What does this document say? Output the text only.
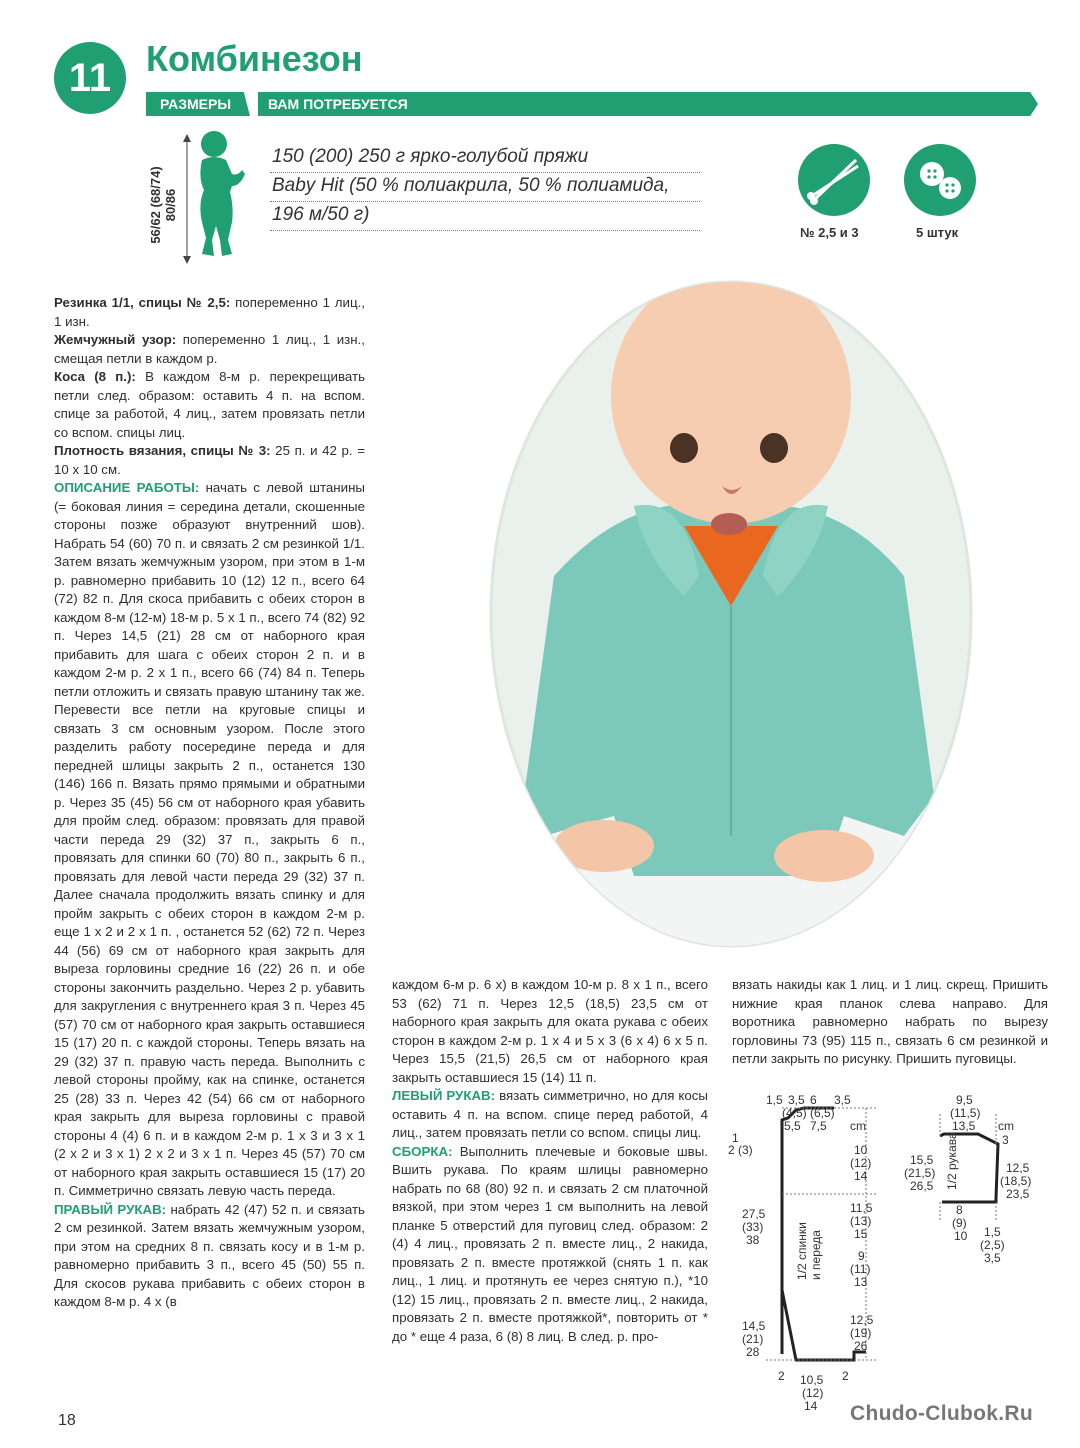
11 Комбинезон
РАЗМЕРЫ	ВАМ ПОТРЕБУЕТСЯ
56/62 (68/74) 80/86
150 (200) 250 г ярко-голубой пряжи
Baby Hit (50 % полиакрила, 50 % полиамида,
196 м/50 г)
№ 2,5 и 3	5 штук

Резинка 1/1, спицы № 2,5: попеременно 1 лиц., 1 изн.

Жемчужный узор: попеременно 1 лиц., 1 изн., смещая петли в каждом р.

Коса (8 п.): В каждом 8-м р. перекрещивать петли след. образом: оставить 4 п. на вспом. спице за работой, 4 лиц., затем провязать петли со вспом. спицы лиц.

Плотность вязания, спицы № 3: 25 п. и 42 р. = 10 х 10 см.

ОПИСАНИЕ РАБОТЫ: начать с левой штанины (= боковая линия = середина детали, скошенные стороны позже образуют внутренний шов). Набрать 54 (60) 70 п. и связать 2 см резинкой 1/1. Затем вязать жемчужным узором, при этом в 1-м р. равномерно прибавить 10 (12) 12 п., всего 64 (72) 82 п. Для скоса прибавить с обеих сторон в каждом 8-м (12-м) 18-м р. 5 х 1 п., всего 74 (82) 92 п. Через 14,5 (21) 28 см от наборного края прибавить для шага с обеих сторон 2 п. и в каждом 2-м р. 2 х 1 п., всего 66 (74) 84 п. Теперь петли отложить и связать правую штанину так же. Перевести все петли на круговые спицы и связать 3 см основным узором. После этого разделить работу посередине переда и для передней шлицы закрыть 2 п., останется 130 (146) 166 п. Вязать прямо прямыми и обратными р. Через 35 (45) 56 см от наборного края убавить для пройм след. образом: провязать для правой части переда 29 (32) 37 п., закрыть 6 п., провязать для спинки 60 (70) 80 п., закрыть 6 п., провязать для левой части переда 29 (32) 37 п. Далее сначала продолжить вязать спинку и для пройм закрыть с обеих сторон в каждом 2-м р. еще 1 х 2 и 2 х 1 п. , останется 52 (62) 72 п. Через 44 (56) 69 см от наборного края закрыть для выреза горловины средние 16 (22) 26 п. и обе стороны закончить раздельно. Через 2 р. убавить для закругления с внутреннего края 3 п. Через 45 (57) 70 см от наборного края закрыть оставшиеся 15 (17) 20 п. с каждой стороны. Теперь вязать на 29 (32) 37 п. правую часть переда. Выполнить с левой стороны пройму, как на спинке, останется 25 (28) 33 п. Через 42 (54) 66 см от наборного края закрыть для выреза горловины с правой стороны 4 (4) 6 п. и в каждом 2-м р. 1 х 3 и 3 х 1 (2 х 2 и 3 х 1) 2 х 2 и 3 х 1 п. Через 45 (57) 70 см от наборного края закрыть оставшиеся 15 (17) 20 п. Симметрично связать левую часть переда.

ПРАВЫЙ РУКАВ: набрать 42 (47) 52 п. и связать 2 см резинкой. Затем вязать жемчужным узором, при этом на средних 8 п. связать косу и в 1-м р. равномерно прибавить 3 п., всего 45 (50) 55 п. Для скосов рукава прибавить с обеих сторон в каждом 8-м р. 4 х (в

каждом 6-м р. 6 х) в каждом 10-м р. 8 х 1 п., всего 53 (62) 71 п. Через 12,5 (18,5) 23,5 см от наборного края закрыть для оката рукава с обеих сторон в каждом 2-м р. 1 х 4 и 5 х 3 (6 х 4) 6 х 5 п. Через 15,5 (21,5) 26,5 см от наборного края закрыть оставшиеся 15 (14) 11 п.

ЛЕВЫЙ РУКАВ: вязать симметрично, но для косы оставить 4 п. на вспом. спице перед работой, 4 лиц., затем провязать петли со вспом. спицы лиц.

СБОРКА: Выполнить плечевые и боковые швы. Вшить рукава. По краям шлицы равномерно набрать по 68 (80) 92 п. и связать 2 см платочной вязкой, при этом через 1 см выполнить на левой планке 5 отверстий для пуговиц след. образом: 2 (4) 4 лиц., провязать 2 п. вместе лиц., 2 накида, провязать 2 п. вместе протяжкой (снять 1 п. как лиц., 1 лиц. и протянуть ее через снятую п.), *10 (12) 15 лиц., провязать 2 п. вместе лиц., 2 накида, провязать 2 п. вместе протяжкой*, повторить от * до * еще 4 раза, 6 (8) 8 лиц. В след. р. про-

вязать накиды как 1 лиц. и 1 лиц. скрещ. Пришить нижние края планок слева направо. Для воротника равномерно набрать по вырезу горловины 73 (95) 115 п., связать 6 см резинкой и петли закрыть по рисунку. Пришить пуговицы.

1,5 3,5
(4,5)
5,5
6
(6,5)
7,5
3,5
cm
1
2 (3)
27,5
(33)
38
14,5
(21)
28
10
(12)
14
11,5
(13)
15
9
(11)
13
12,5
(19)
26
2 10,5
(12)
14
2
1/2 спинки и переда
9,5
(11,5)
13,5 cm
3
15,5
(21,5)
26,5
12,5
(18,5)
23,5
8
(9)
10 1,5
(2,5)
3,5
1/2 рукава
18	Chudo-Clubok.Ru
